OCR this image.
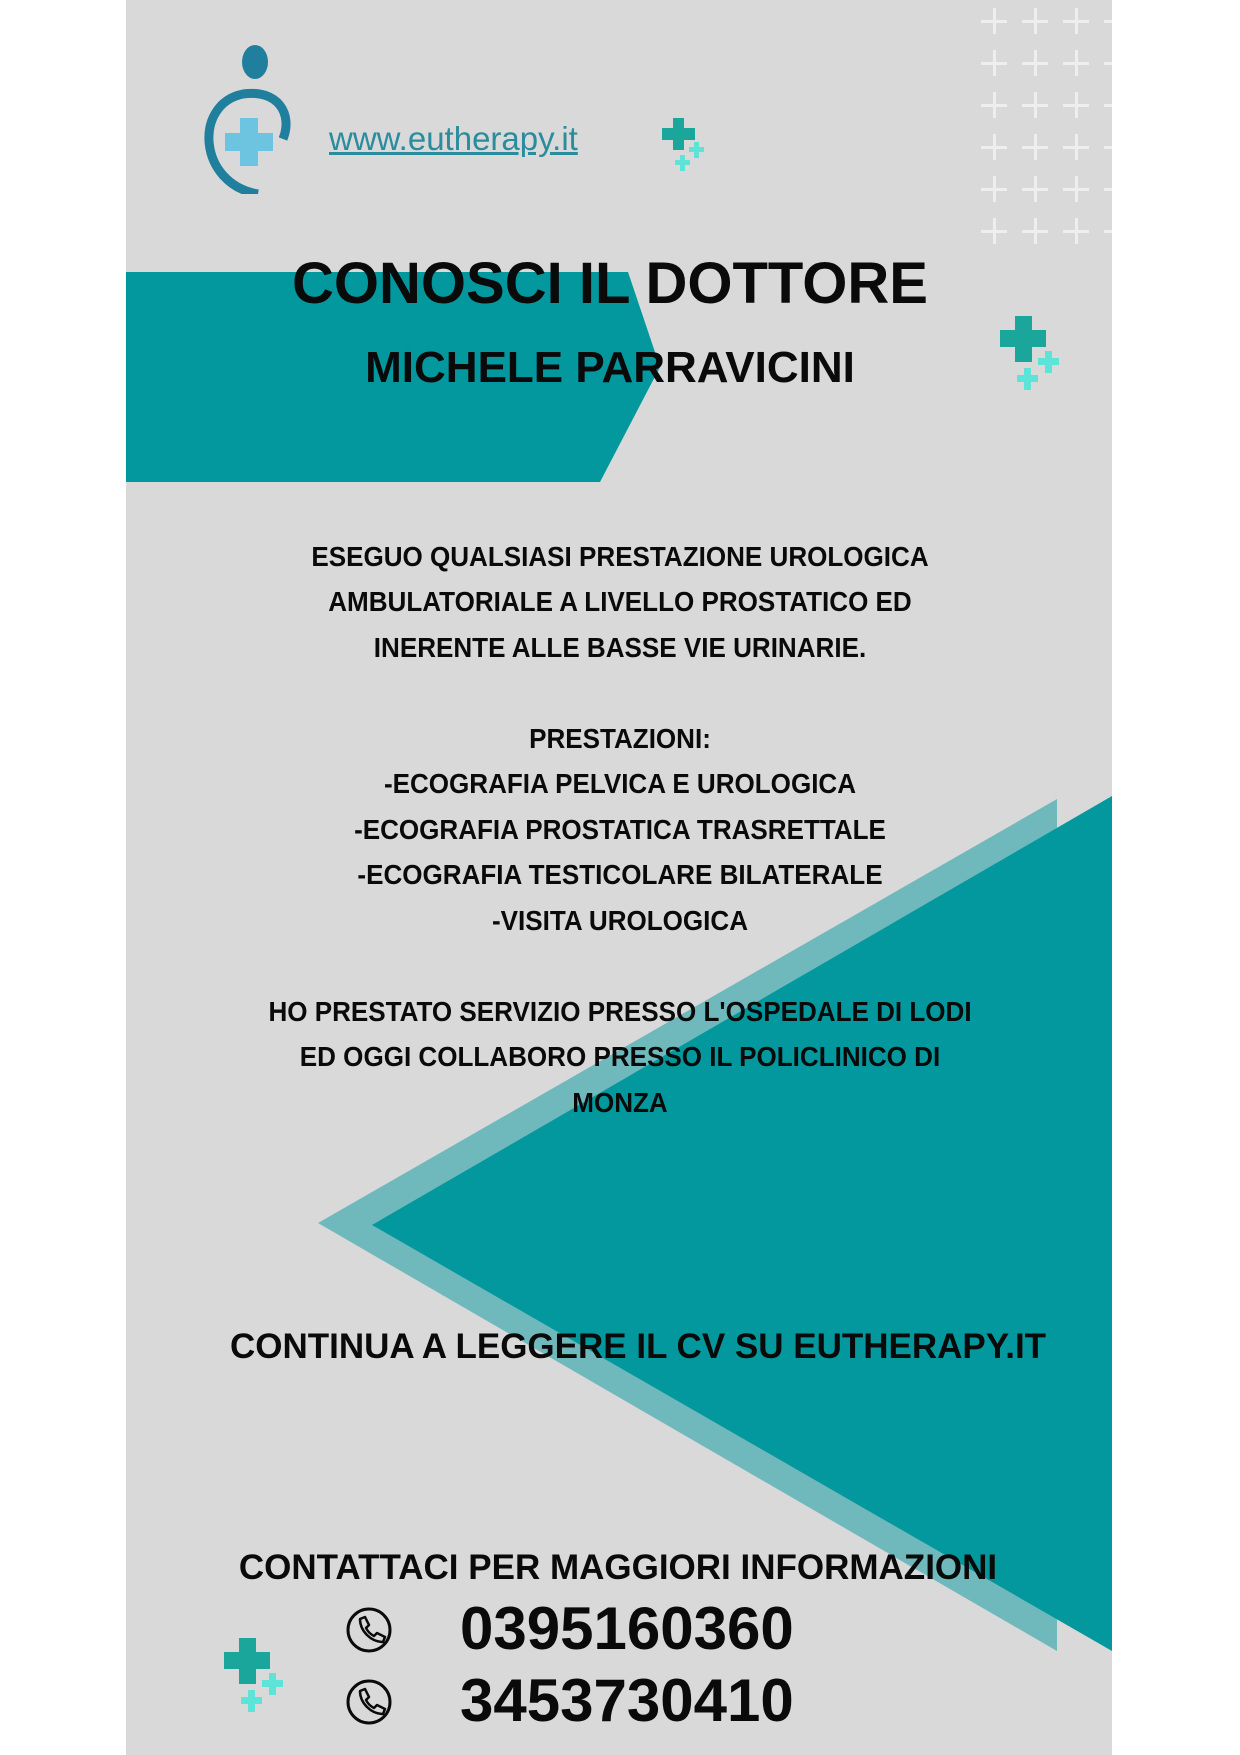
www.eutherapy.it
CONOSCI IL DOTTORE
MICHELE PARRAVICINI
ESEGUO QUALSIASI PRESTAZIONE UROLOGICA
AMBULATORIALE A LIVELLO PROSTATICO ED
INERENTE ALLE BASSE VIE URINARIE.
PRESTAZIONI:
-ECOGRAFIA PELVICA E UROLOGICA
-ECOGRAFIA PROSTATICA TRASRETTALE
-ECOGRAFIA TESTICOLARE BILATERALE
-VISITA UROLOGICA
HO PRESTATO SERVIZIO PRESSO L'OSPEDALE DI LODI
ED OGGI COLLABORO PRESSO IL POLICLINICO DI
MONZA
CONTINUA A LEGGERE IL CV SU EUTHERAPY.IT
CONTATTACI PER MAGGIORI INFORMAZIONI
0395160360
3453730410
